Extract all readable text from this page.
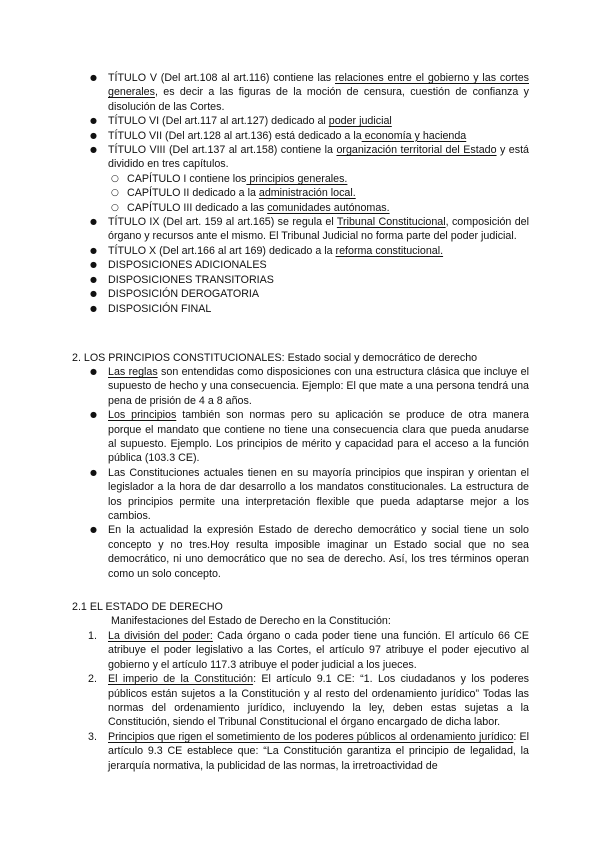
● TÍTULO V (Del art.108 al art.116) contiene las relaciones entre el gobierno y las cortes generales, es decir a las figuras de la moción de censura, cuestión de confianza y disolución de las Cortes.
● TÍTULO VI (Del art.117 al art.127) dedicado al poder judicial
● TÍTULO VII (Del art.128 al art.136) está dedicado a la economía y hacienda
● TÍTULO VIII (Del art.137 al art.158) contiene la organización territorial del Estado y está dividido en tres capítulos.
○ CAPÍTULO I contiene los principios generales.
○ CAPÍTULO II dedicado a la administración local.
○ CAPÍTULO III dedicado a las comunidades autónomas.
● TÍTULO IX (Del art. 159 al art.165) se regula el Tribunal Constitucional, composición del órgano y recursos ante el mismo. El Tribunal Judicial no forma parte del poder judicial.
● TÍTULO X (Del art.166 al art 169) dedicado a la reforma constitucional.
● DISPOSICIONES ADICIONALES
● DISPOSICIONES TRANSITORIAS
● DISPOSICIÓN DEROGATORIA
● DISPOSICIÓN FINAL
2. LOS PRINCIPIOS CONSTITUCIONALES: Estado social y democrático de derecho
● Las reglas son entendidas como disposiciones con una estructura clásica que incluye el supuesto de hecho y una consecuencia. Ejemplo: El que mate a una persona tendrá una pena de prisión de 4 a 8 años.
● Los principios también son normas pero su aplicación se produce de otra manera porque el mandato que contiene no tiene una consecuencia clara que pueda anudarse al supuesto. Ejemplo. Los principios de mérito y capacidad para el acceso a la función pública (103.3 CE).
● Las Constituciones actuales tienen en su mayoría principios que inspiran y orientan el legislador a la hora de dar desarrollo a los mandatos constitucionales. La estructura de los principios permite una interpretación flexible que pueda adaptarse mejor a los cambios.
● En la actualidad la expresión Estado de derecho democrático y social tiene un solo concepto y no tres.Hoy resulta imposible imaginar un Estado social que no sea democrático, ni uno democrático que no sea de derecho. Así, los tres términos operan como un solo concepto.
2.1 EL ESTADO DE DERECHO
Manifestaciones del Estado de Derecho en la Constitución:
1. La división del poder: Cada órgano o cada poder tiene una función. El artículo 66 CE atribuye el poder legislativo a las Cortes, el artículo 97 atribuye el poder ejecutivo al gobierno y el artículo 117.3 atribuye el poder judicial a los jueces.
2. El imperio de la Constitución: El artículo 9.1 CE: “1. Los ciudadanos y los poderes públicos están sujetos a la Constitución y al resto del ordenamiento jurídico” Todas las normas del ordenamiento jurídico, incluyendo la ley, deben estas sujetas a la Constitución, siendo el Tribunal Constitucional el órgano encargado de dicha labor.
3. Principios que rigen el sometimiento de los poderes públicos al ordenamiento jurídico: El artículo 9.3 CE establece que: “La Constitución garantiza el principio de legalidad, la jerarquía normativa, la publicidad de las normas, la irretroactividad de
